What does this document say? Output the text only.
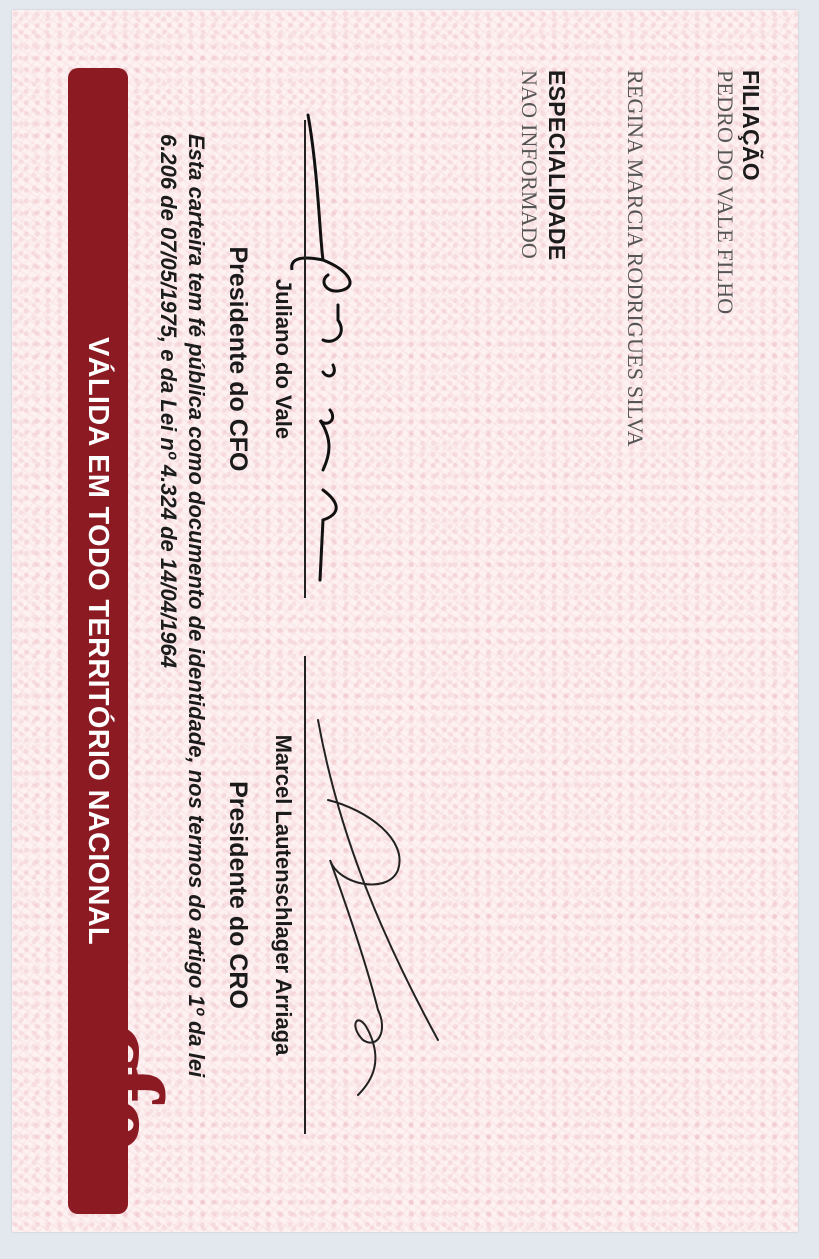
FILIAÇÃO
PEDRO DO VALE FILHO
REGINA MARCIA RODRIGUES SILVA
ESPECIALIDADE
NAO INFORMADO
Juliano do Vale
Presidente do CFO
Marcel Lautenschlager Arriaga
Presidente do CRO
Esta carteira tem fé pública como documento de identidade, nos termos do artigo 1º da lei 6.206 de 07/05/1975, e da Lei nº 4.324 de 14/04/1964
VÁLIDA EM TODO TERRITÓRIO NACIONAL
cfo
